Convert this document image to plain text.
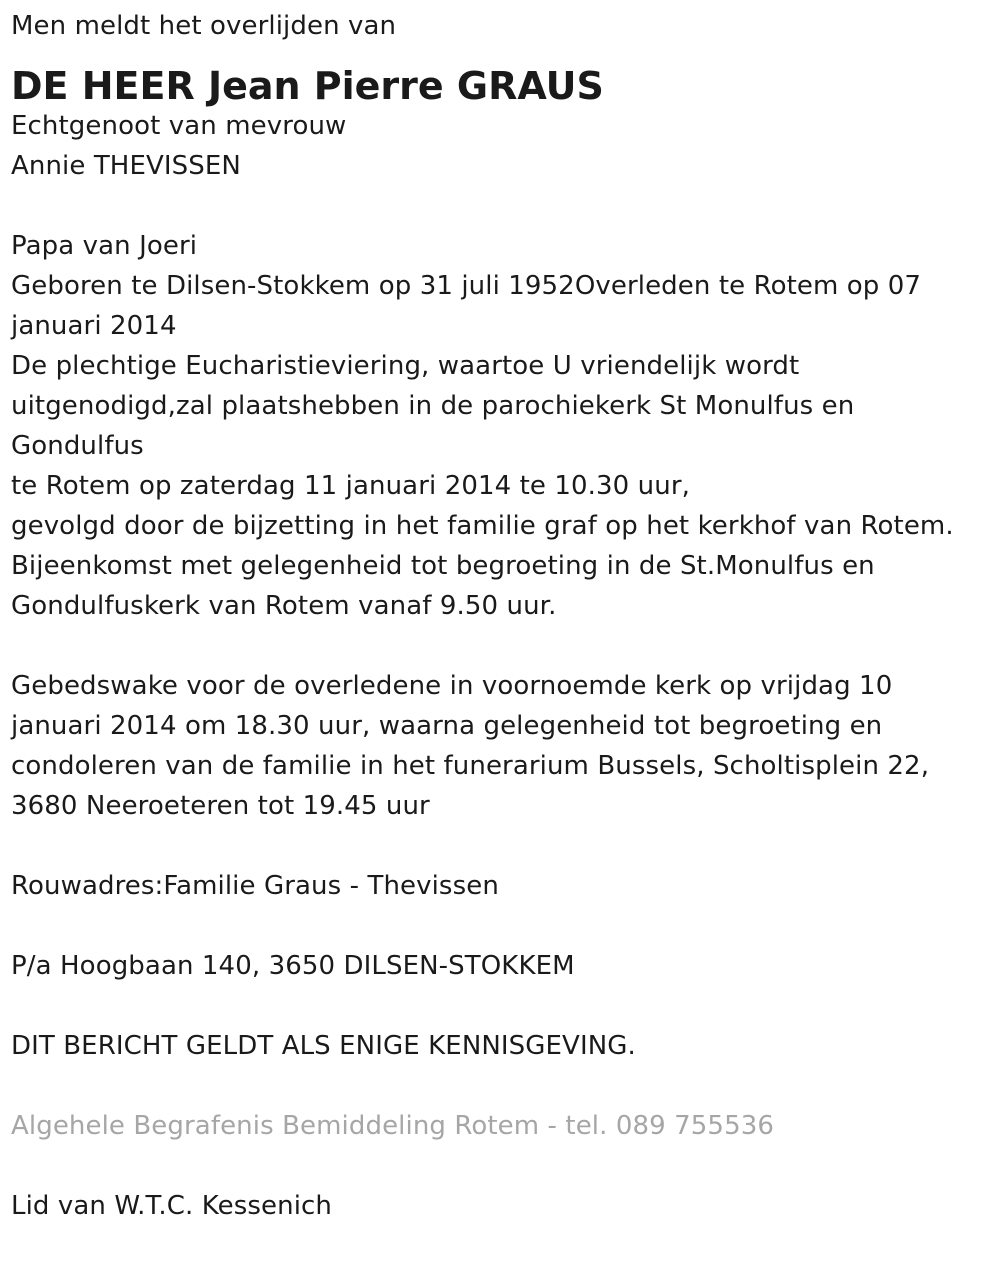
Men meldt het overlijden van
DE HEER Jean Pierre GRAUS
Echtgenoot van mevrouw
Annie THEVISSEN
Papa van Joeri
Geboren te Dilsen-Stokkem op 31 juli 1952Overleden te Rotem op 07 januari 2014
De plechtige Eucharistieviering, waartoe U vriendelijk wordt uitgenodigd,zal plaatshebben in de parochiekerk St Monulfus en Gondulfus
te Rotem op zaterdag 11 januari 2014 te 10.30 uur,
gevolgd door de bijzetting in het familie graf op het kerkhof van Rotem.
Bijeenkomst met gelegenheid tot begroeting in de St.Monulfus en Gondulfuskerk van Rotem vanaf 9.50 uur.
Gebedswake voor de overledene in voornoemde kerk op vrijdag 10 januari 2014 om 18.30 uur, waarna gelegenheid tot begroeting en condoleren van de familie in het funerarium Bussels, Scholtisplein 22, 3680 Neeroeteren tot 19.45 uur
Rouwadres:Familie Graus - Thevissen
P/a Hoogbaan 140, 3650 DILSEN-STOKKEM
DIT BERICHT GELDT ALS ENIGE KENNISGEVING.
Algehele Begrafenis Bemiddeling Rotem - tel. 089 755536
Lid van W.T.C. Kessenich
